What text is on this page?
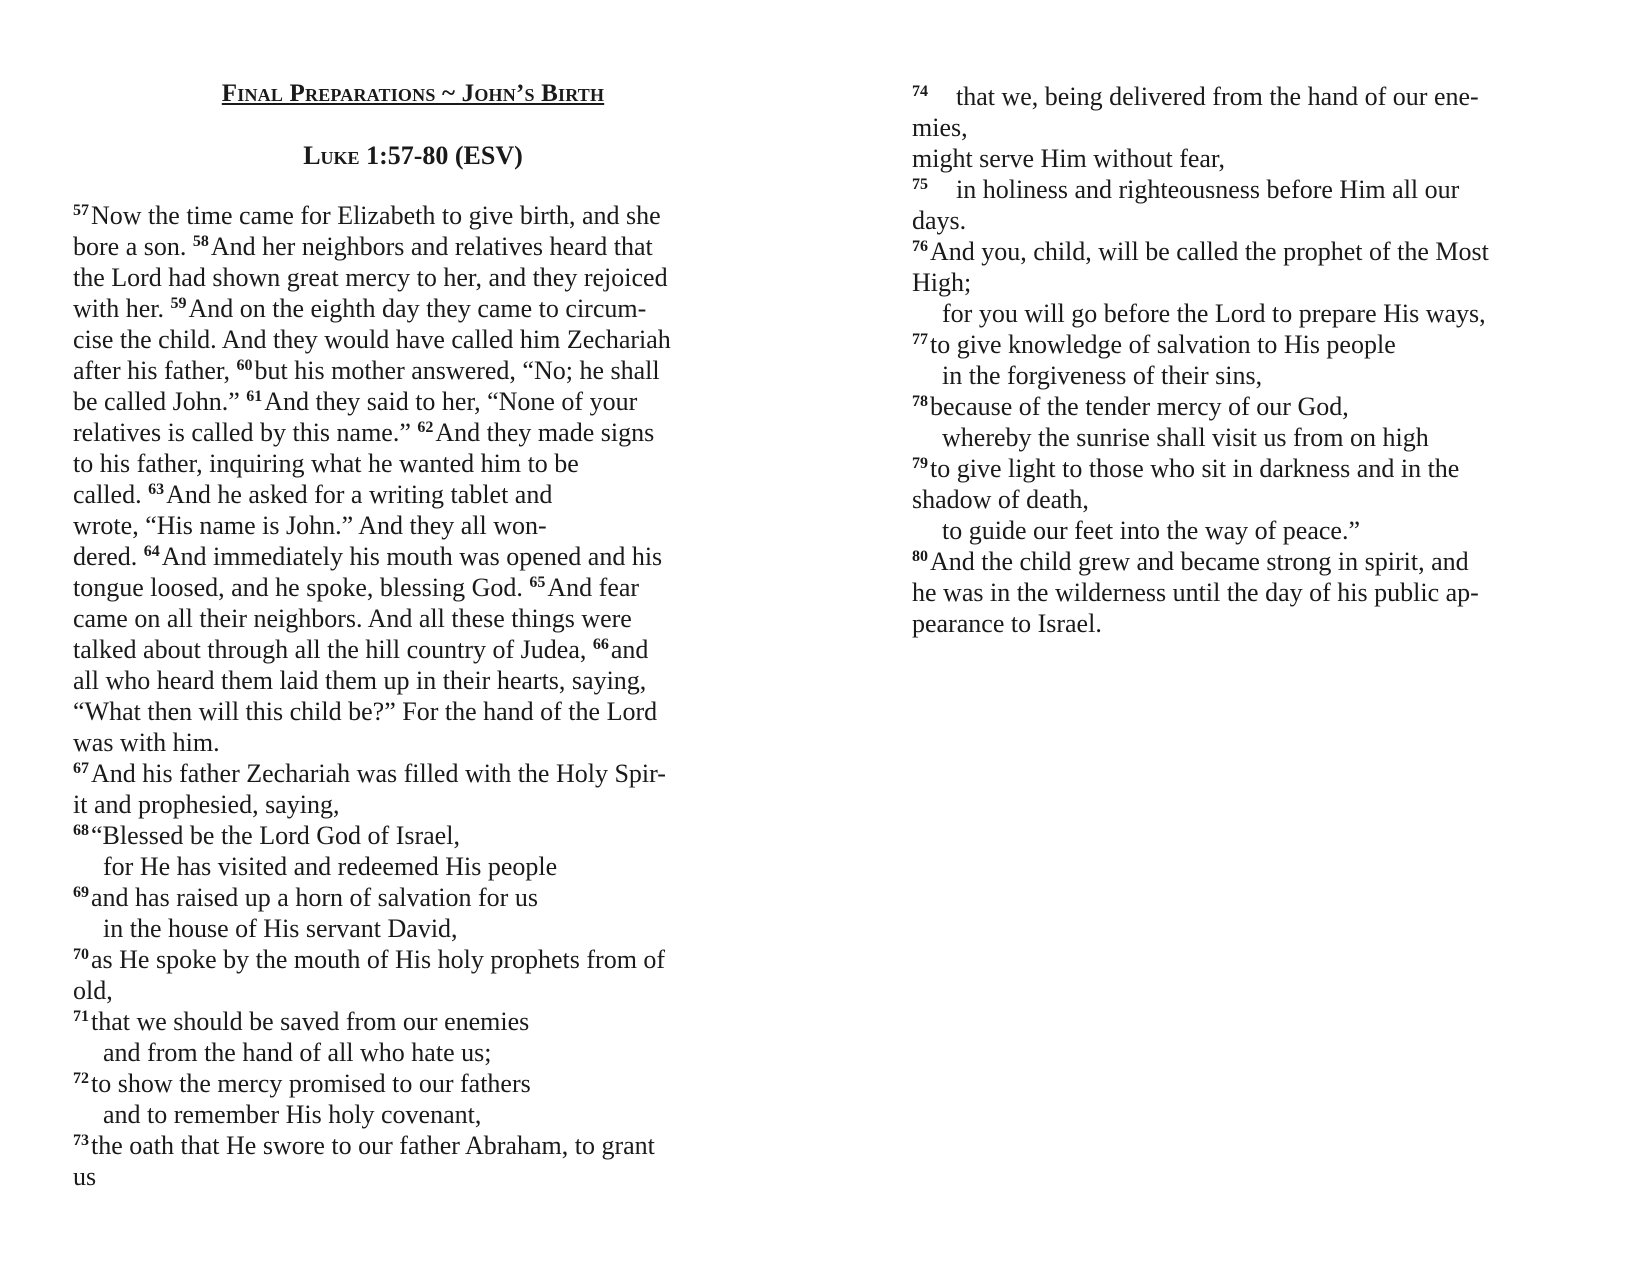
Final Preparations ~ John’s Birth
Luke 1:57-80 (ESV)
$^{57}$Now the time came for Elizabeth to give birth, and she
bore a son. $^{58}$And her neighbors and relatives heard that
the Lord had shown great mercy to her, and they rejoiced
with her. $^{59}$And on the eighth day they came to circum-
cise the child. And they would have called him Zechariah
after his father, $^{60}$but his mother answered, “No; he shall
be called John.” $^{61}$And they said to her, “None of your
relatives is called by this name.” $^{62}$And they made signs
to his father, inquiring what he wanted him to be
called. $^{63}$And he asked for a writing tablet and
wrote, “His name is John.” And they all won-
dered. $^{64}$And immediately his mouth was opened and his
tongue loosed, and he spoke, blessing God. $^{65}$And fear
came on all their neighbors. And all these things were
talked about through all the hill country of Judea, $^{66}$and
all who heard them laid them up in their hearts, saying,
“What then will this child be?” For the hand of the Lord
was with him.
$^{67}$And his father Zechariah was filled with the Holy Spir-
it and prophesied, saying,
$^{68}$“Blessed be the Lord God of Israel,
for He has visited and redeemed His people
$^{69}$and has raised up a horn of salvation for us
in the house of His servant David,
$^{70}$as He spoke by the mouth of His holy prophets from of
old,
$^{71}$that we should be saved from our enemies
and from the hand of all who hate us;
$^{72}$to show the mercy promised to our fathers
and to remember His holy covenant,
$^{73}$the oath that He swore to our father Abraham, to grant
us
$^{74}$ that we, being delivered from the hand of our ene-
mies,
might serve Him without fear,
$^{75}$ in holiness and righteousness before Him all our
days.
$^{76}$And you, child, will be called the prophet of the Most
High;
for you will go before the Lord to prepare His ways,
$^{77}$to give knowledge of salvation to His people
in the forgiveness of their sins,
$^{78}$because of the tender mercy of our God,
whereby the sunrise shall visit us from on high
$^{79}$to give light to those who sit in darkness and in the
shadow of death,
to guide our feet into the way of peace.”
$^{80}$And the child grew and became strong in spirit, and
he was in the wilderness until the day of his public ap-
pearance to Israel.
